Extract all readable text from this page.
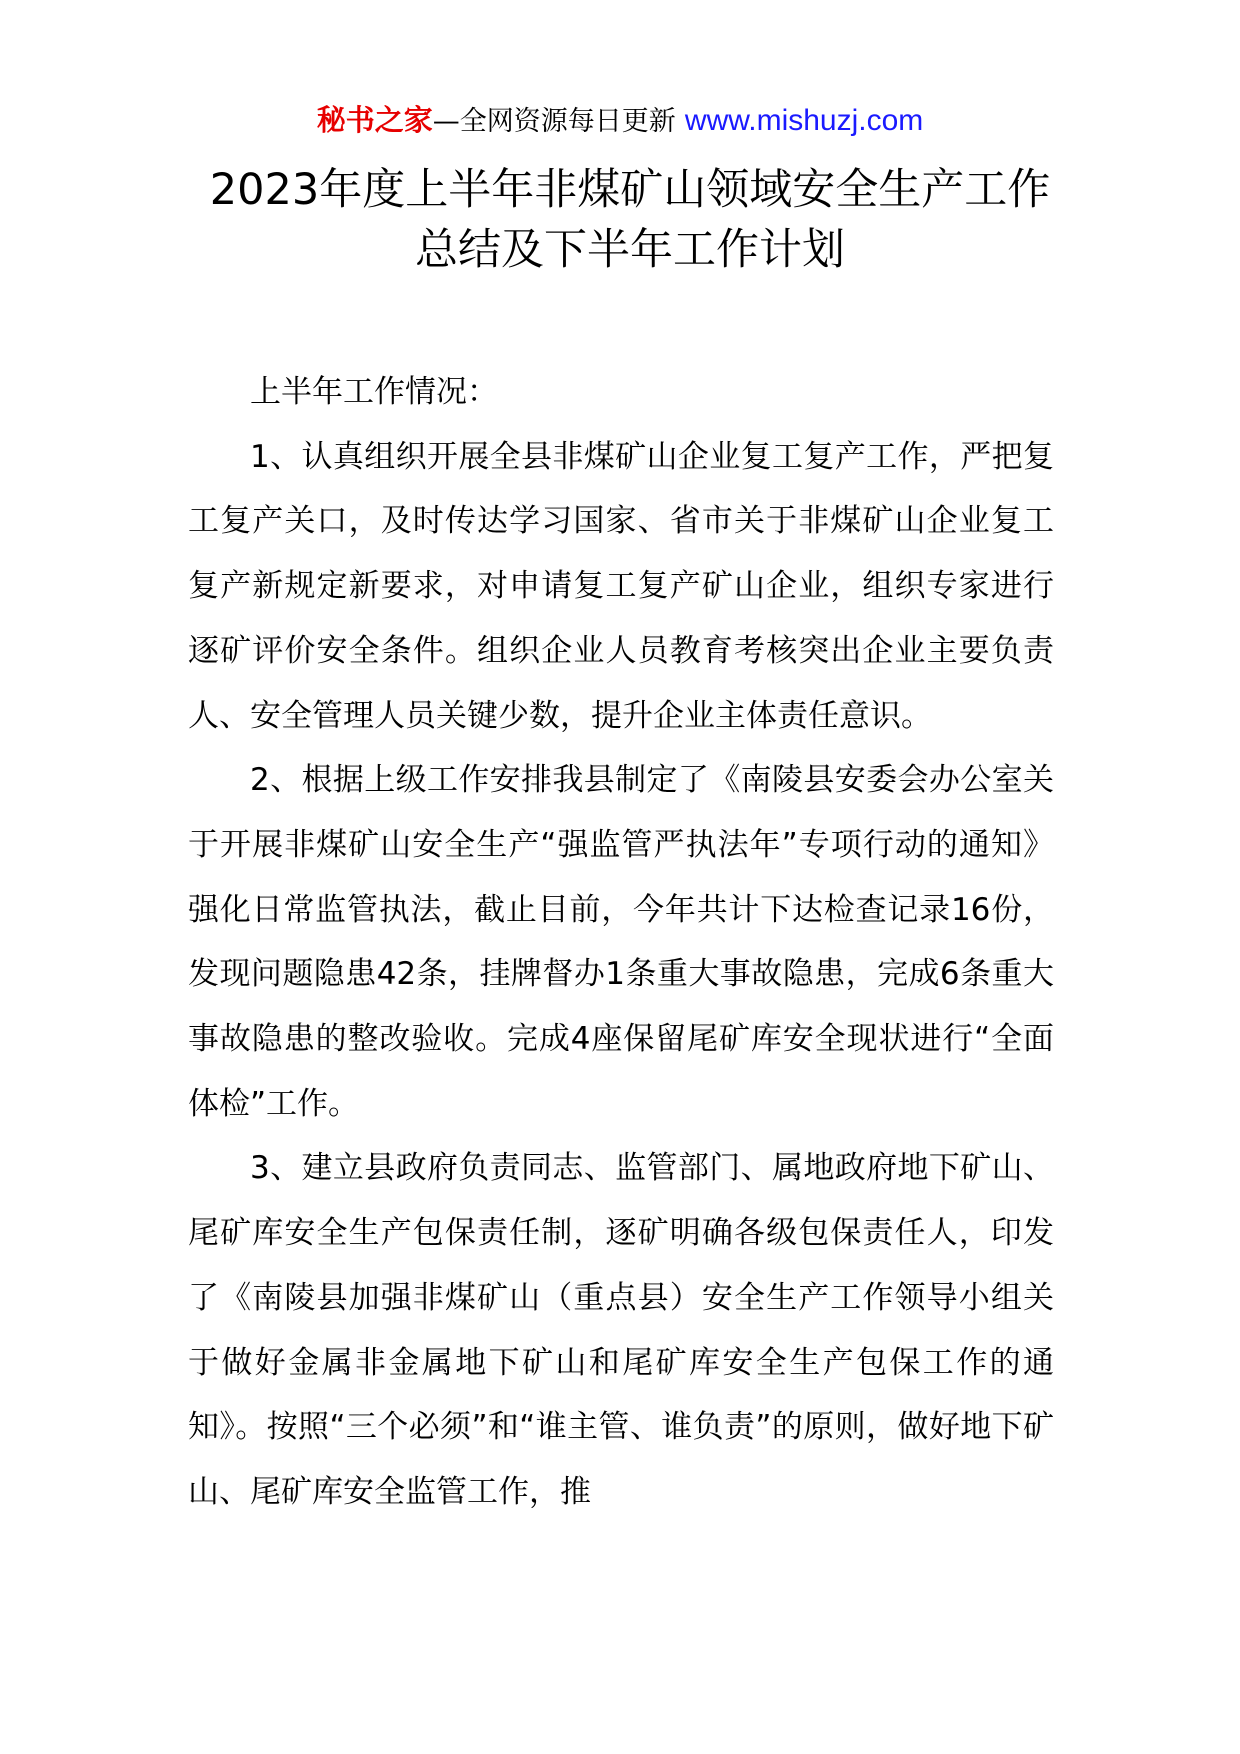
秘书之家—全网资源每日更新 www.mishuzj.com
2023年度上半年非煤矿山领域安全生产工作总结及下半年工作计划

上半年工作情况：

1、认真组织开展全县非煤矿山企业复工复产工作，严把复工复产关口，及时传达学习国家、省市关于非煤矿山企业复工复产新规定新要求，对申请复工复产矿山企业，组织专家进行逐矿评价安全条件。组织企业人员教育考核突出企业主要负责人、安全管理人员关键少数，提升企业主体责任意识。

2、根据上级工作安排我县制定了《南陵县安委会办公室关于开展非煤矿山安全生产“强监管严执法年”专项行动的通知》强化日常监管执法，截止目前，今年共计下达检查记录16份，发现问题隐患42条，挂牌督办1条重大事故隐患，完成6条重大事故隐患的整改验收。完成4座保留尾矿库安全现状进行“全面体检”工作。

3、建立县政府负责同志、监管部门、属地政府地下矿山、尾矿库安全生产包保责任制，逐矿明确各级包保责任人，印发了《南陵县加强非煤矿山（重点县）安全生产工作领导小组关于做好金属非金属地下矿山和尾矿库安全生产包保工作的通知》。按照“三个必须”和“谁主管、谁负责”的原则，做好地下矿山、尾矿库安全监管工作，推
